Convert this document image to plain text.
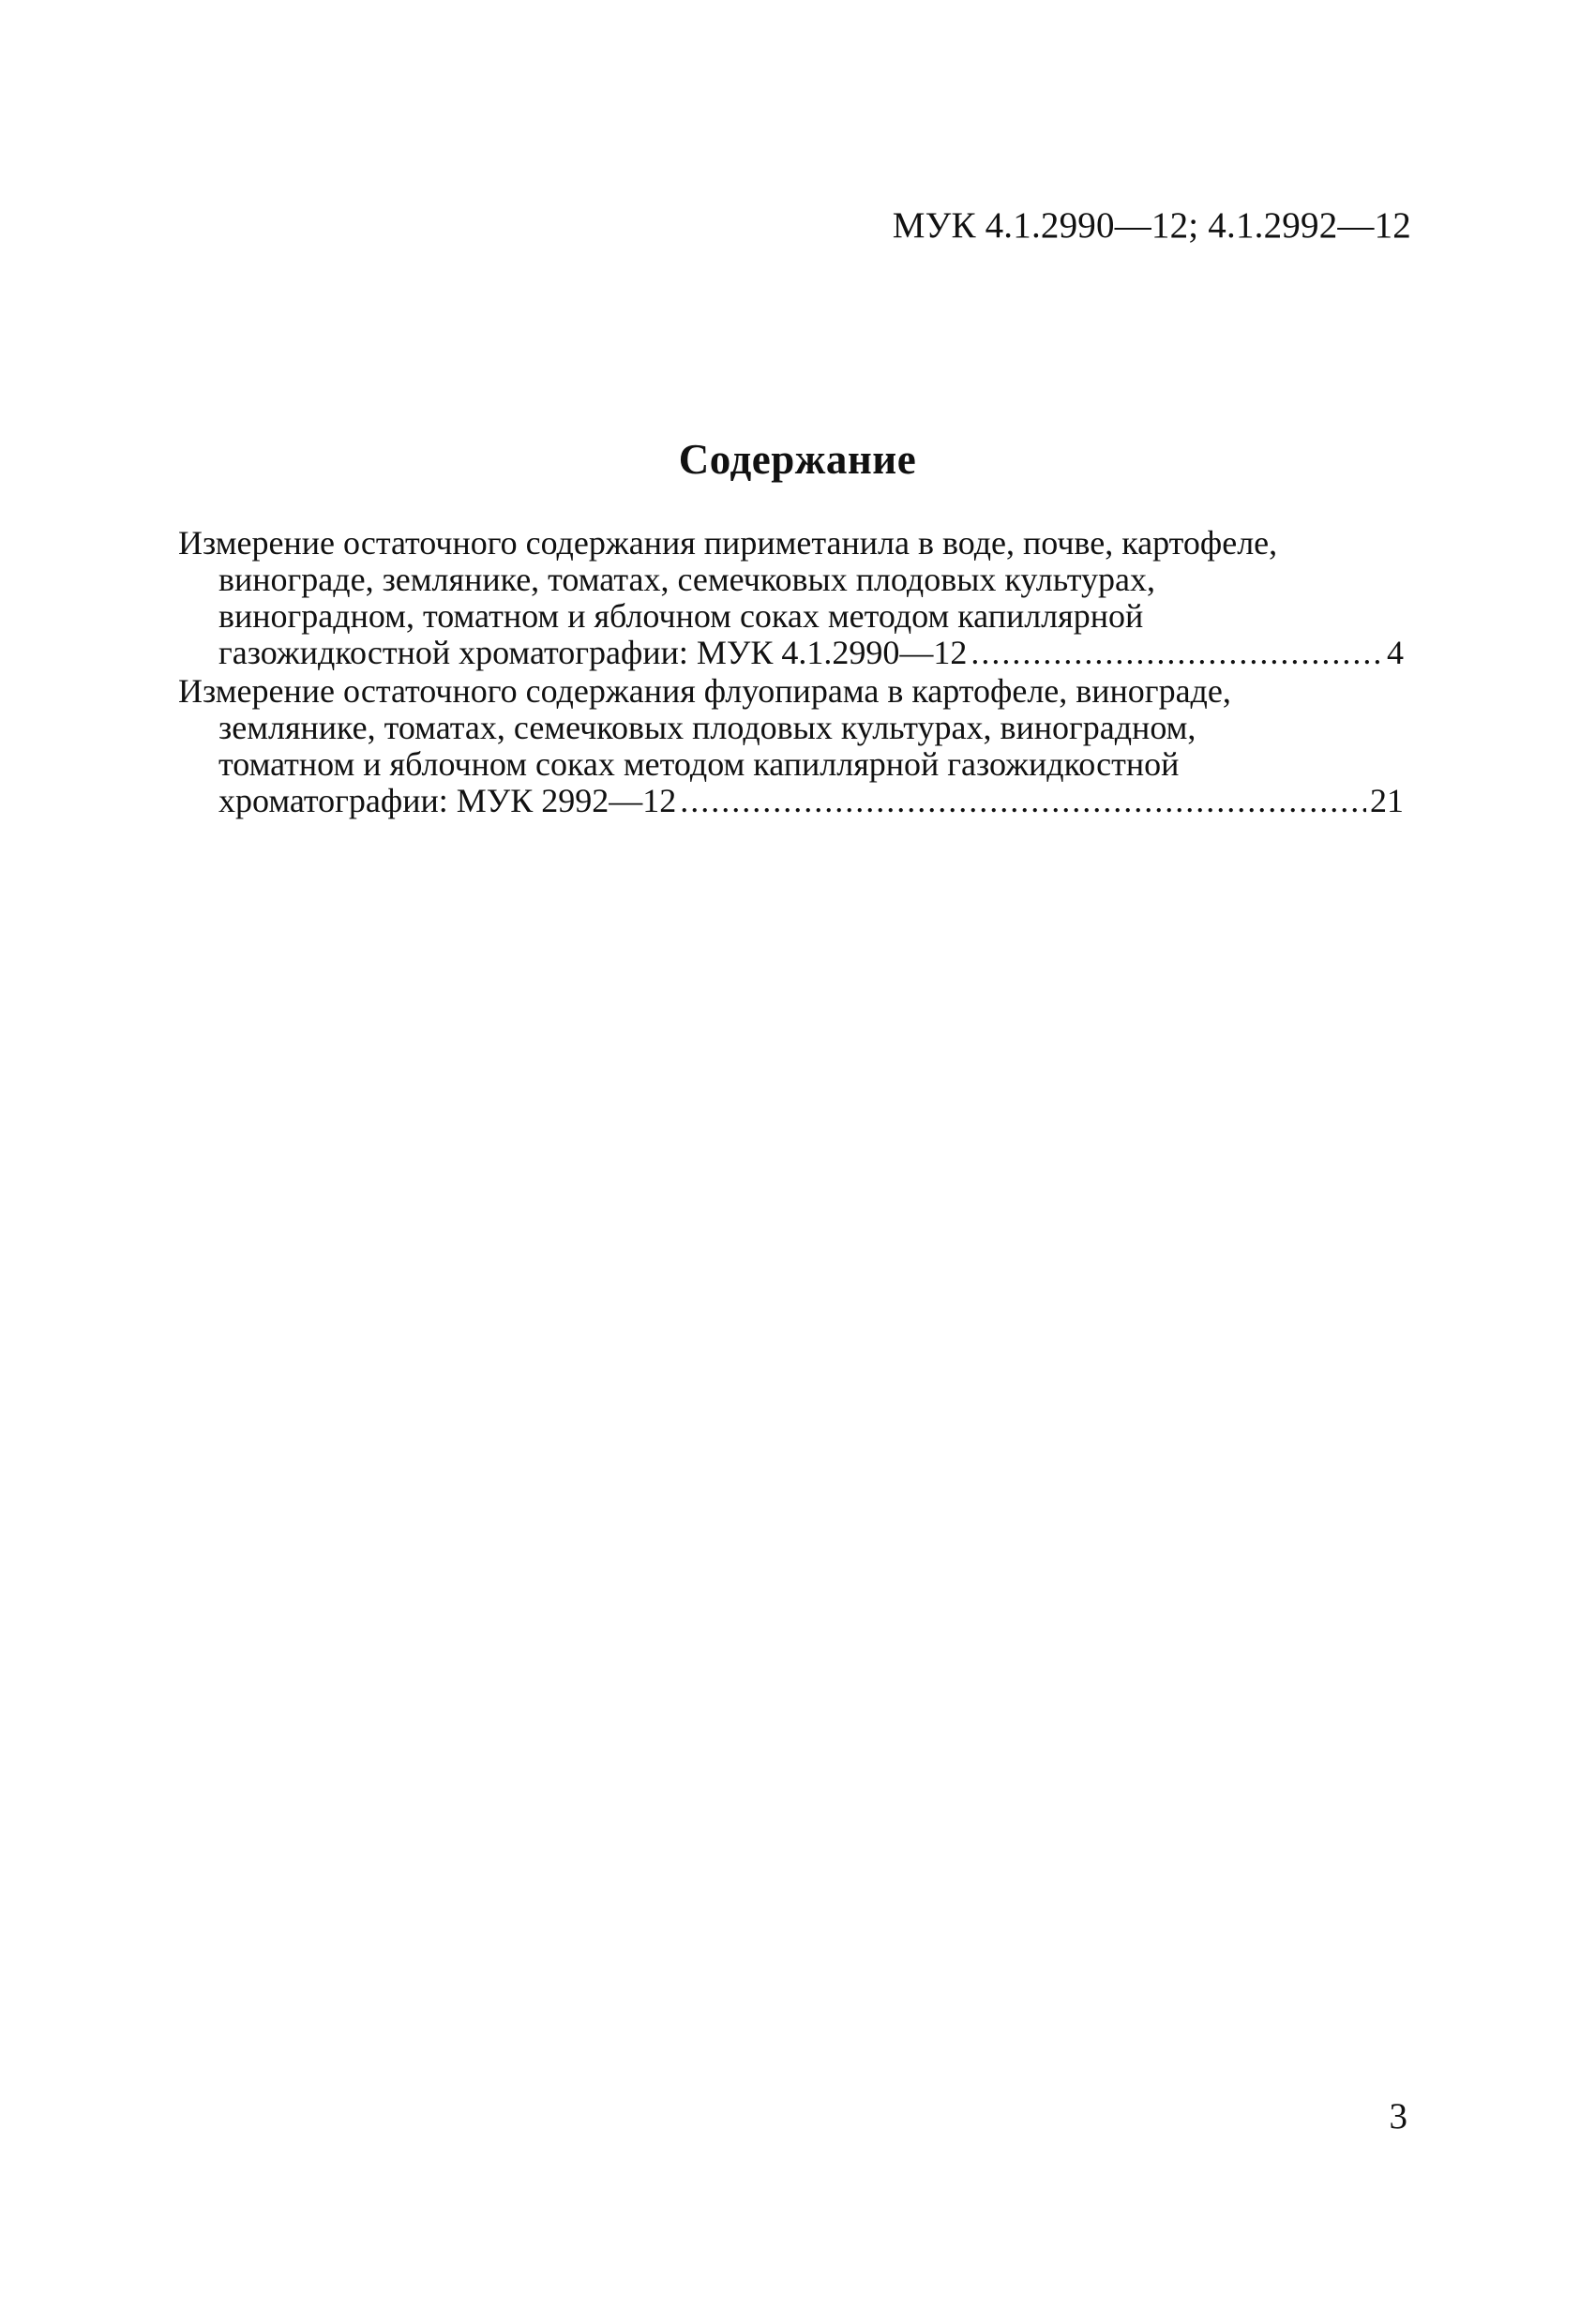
МУК 4.1.2990—12; 4.1.2992—12
Содержание
Измерение остаточного содержания пириметанила в воде, почве, картофеле,
винограде, землянике, томатах, семечковых плодовых культурах,
виноградном, томатном и яблочном соках методом капиллярной
газожидкостной хроматографии: МУК 4.1.2990—12 .....	4
Измерение остаточного содержания флуопирама в картофеле, винограде,
землянике, томатах, семечковых плодовых культурах, виноградном,
томатном и яблочном соках методом капиллярной газожидкостной
хроматографии: МУК 2992—12 .....	21
3
